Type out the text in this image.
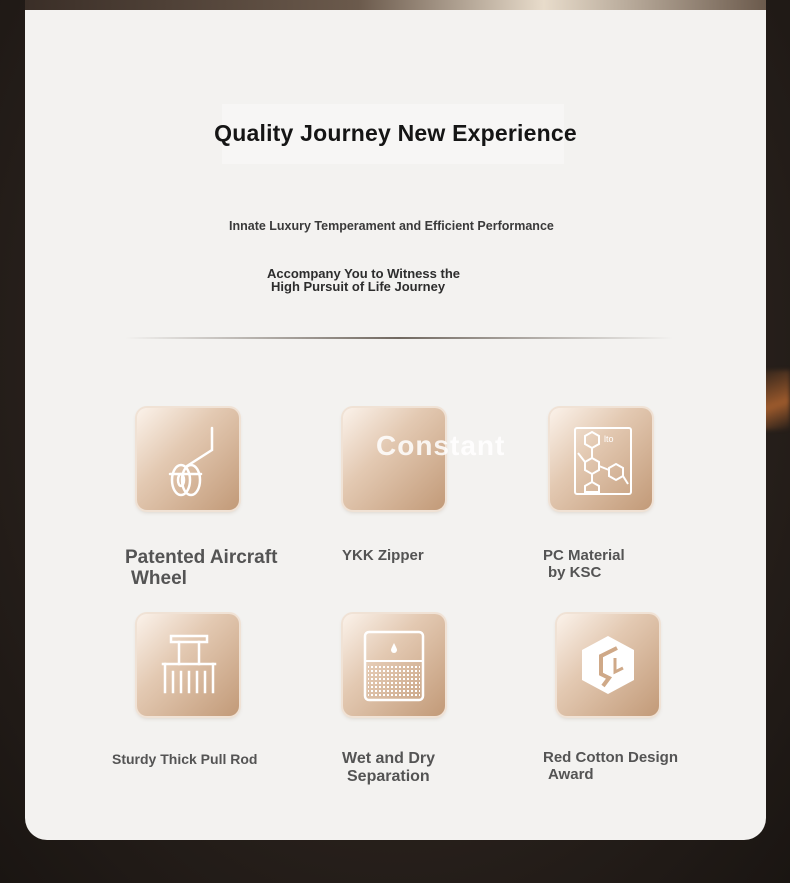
Quality Journey New Experience
Innate Luxury Temperament and Efficient Performance
Accompany You to Witness the
High Pursuit of Life Journey
Patented Aircraft
Wheel
Constant
YKK Zipper
lto
PC Material
by KSC
Sturdy Thick Pull Rod	Wet and Dry
Separation
Red Cotton Design
Award
